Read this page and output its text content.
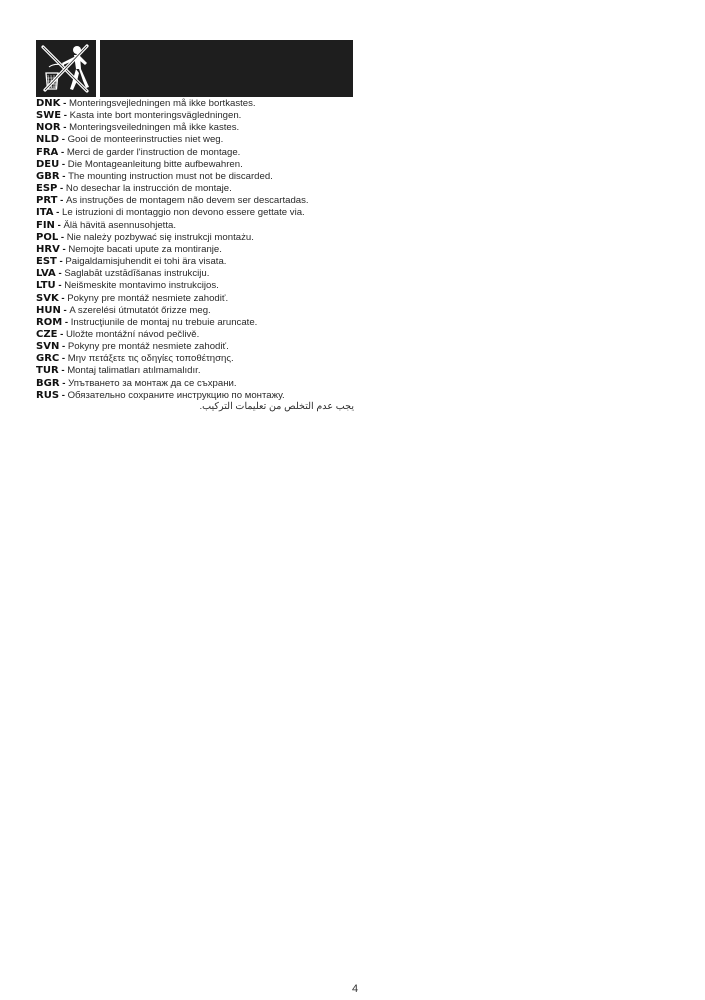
DNK - Monteringsvejledningen må ikke bortkastes.
SWE - Kasta inte bort monteringsvägledningen.
NOR - Monteringsveiledningen må ikke kastes.
NLD - Gooi de monteerinstructies niet weg.
FRA - Merci de garder l'instruction de montage.
DEU - Die Montageanleitung bitte aufbewahren.
GBR - The mounting instruction must not be discarded.
ESP - No desechar la instrucción de montaje.
PRT - As instruções de montagem não devem ser descartadas.
ITA - Le istruzioni di montaggio non devono essere gettate via.
FIN - Älä hävitä asennusohjetta.
POL - Nie należy pozbywać się instrukcji montażu.
HRV - Nemojte bacati upute za montiranje.
EST - Paigaldamisjuhendit ei tohi ära visata.
LVA - Saglabāt uzstādīšanas instrukciju.
LTU - Neišmeskite montavimo instrukcijos.
SVK - Pokyny pre montáž nesmiete zahodiť.
HUN - A szerelési útmutatót őrizze meg.
ROM - Instrucţiunile de montaj nu trebuie aruncate.
CZE - Uložte montážní návod pečlivě.
SVN - Pokyny pre montáž nesmiete zahodiť.
GRC - Μην πετάξετε τις οδηγίες τοποθέτησης.
TUR - Montaj talimatları atılmamalıdır.
BGR - Упътването за монтаж да се съхрани.
RUS - Обязательно сохраните инструкцию по монтажу.
يجب عدم التخلص من تعليمات التركيب.
4
